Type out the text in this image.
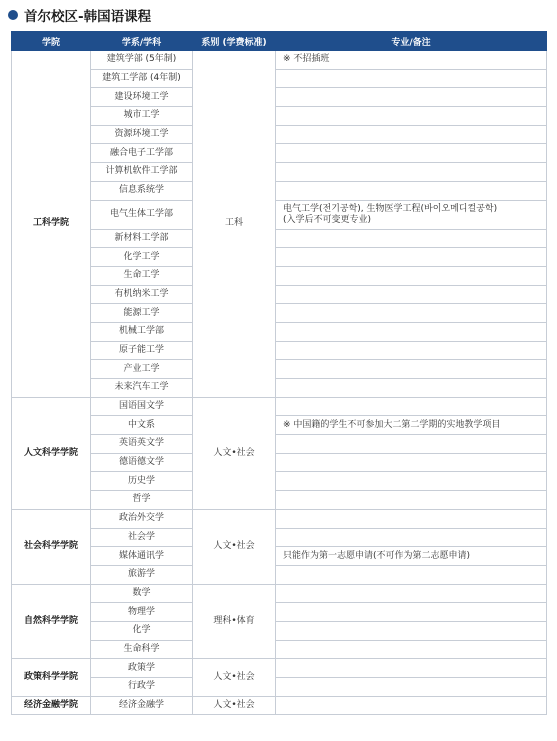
首尔校区-韩国语课程
学院	学系/学科	系别 (学费标准)	专业/备注
工科学院	建筑学部 (5年制)	工科	※ 不招插班
	建筑工学部 (4年制)		
	建设环境工学		
	城市工学		
	资源环境工学		
	融合电子工学部		
	计算机软件工学部		
	信息系统学		
	电气生体工学部		电气工学(전기공학), 生物医学工程(바이오메디컬공학)
(入学后不可变更专业)
	新材料工学部		
	化学工学		
	生命工学		
	有机纳米工学		
	能源工学		
	机械工学部		
	原子能工学		
	产业工学		
	未来汽车工学		
人文科学学院	国语国文学	人文•社会	
	中文系		※ 中国籍的学生不可参加大二第二学期的实地教学项目
	英语英文学		
	德语德文学		
	历史学		
	哲学		
社会科学学院	政治外交学	人文•社会	
	社会学		
	媒体通讯学		只能作为第一志愿申请(不可作为第二志愿申请)
	旅游学		
自然科学学院	数学	理科•体育	
	物理学		
	化学		
	生命科学		
政策科学学院	政策学	人文•社会	
	行政学		
经济金融学院	经济金融学	人文•社会	
